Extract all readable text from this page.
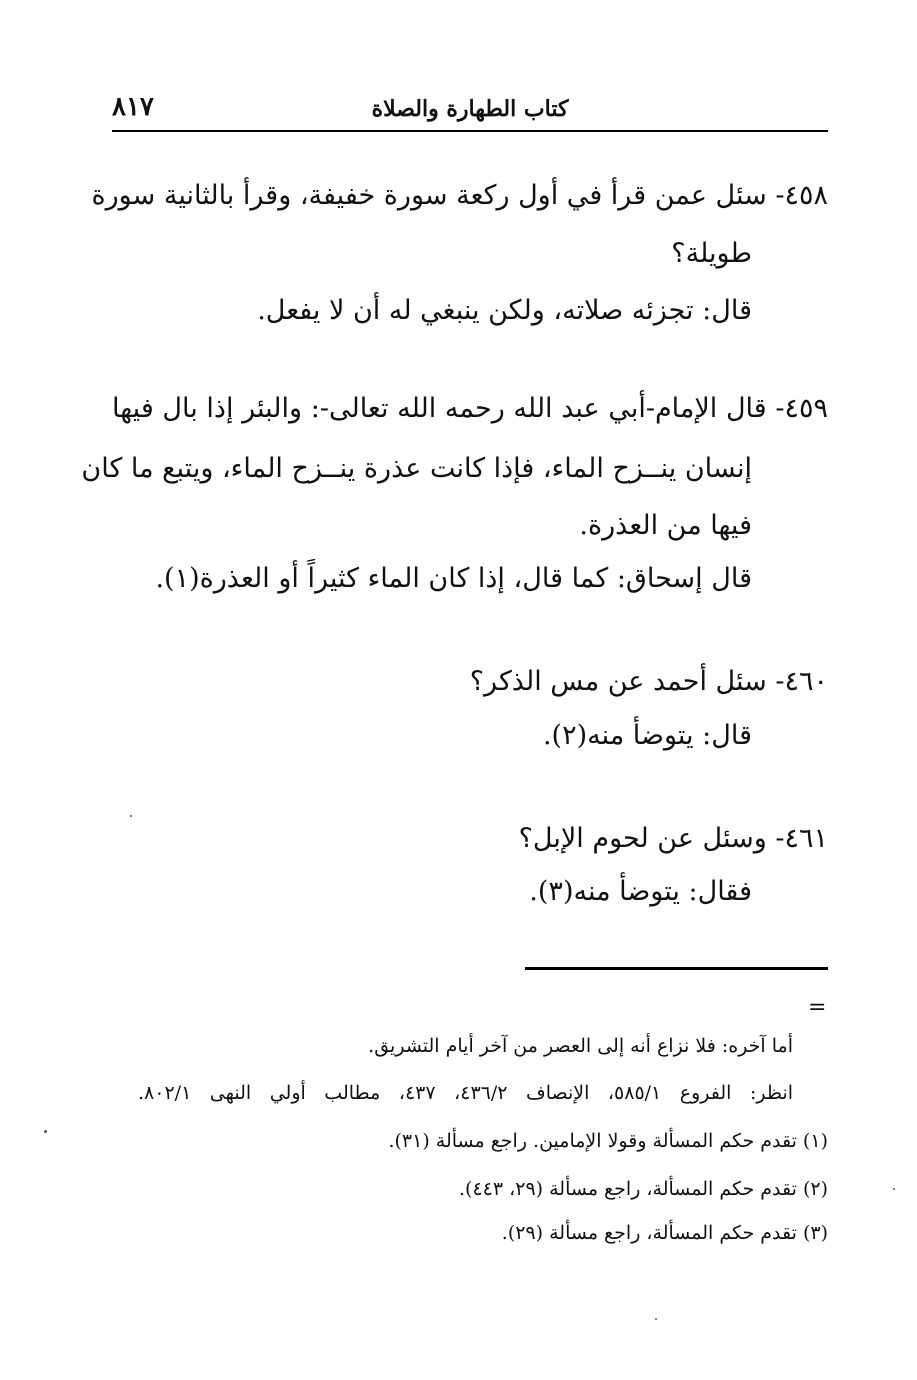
٨١٧	كتاب الطهارة والصلاة
٤٥٨- سئل عمن قرأ في أول ركعة سورة خفيفة، وقرأ بالثانية سورة
طويلة؟
قال: تجزئه صلاته، ولكن ينبغي له أن لا يفعل.
٤٥٩- قال الإمام-أبي عبد الله رحمه الله تعالى-: والبئر إذا بال فيها
إنسان ينــزح الماء، فإذا كانت عذرة ينــزح الماء، ويتبع ما كان
فيها من العذرة.
قال إسحاق: كما قال، إذا كان الماء كثيراً أو العذرة(١).
٤٦٠- سئل أحمد عن مس الذكر؟
قال: يتوضأ منه(٢).
٤٦١- وسئل عن لحوم الإبل؟
فقال: يتوضأ منه(٣).
=
أما آخره: فلا نزاع أنه إلى العصر من آخر أيام التشريق.
انظر: الفروع ٥٨٥/١، الإنصاف ٤٣٦/٢، ٤٣٧، مطالب أولي النهى ٨٠٢/١.
(١) تقدم حكم المسألة وقولا الإمامين. راجع مسألة (٣١).
(٢) تقدم حكم المسألة، راجع مسألة (٢٩، ٤٤٣).
(٣) تقدم حكم المسألة، راجع مسألة (٢٩).
